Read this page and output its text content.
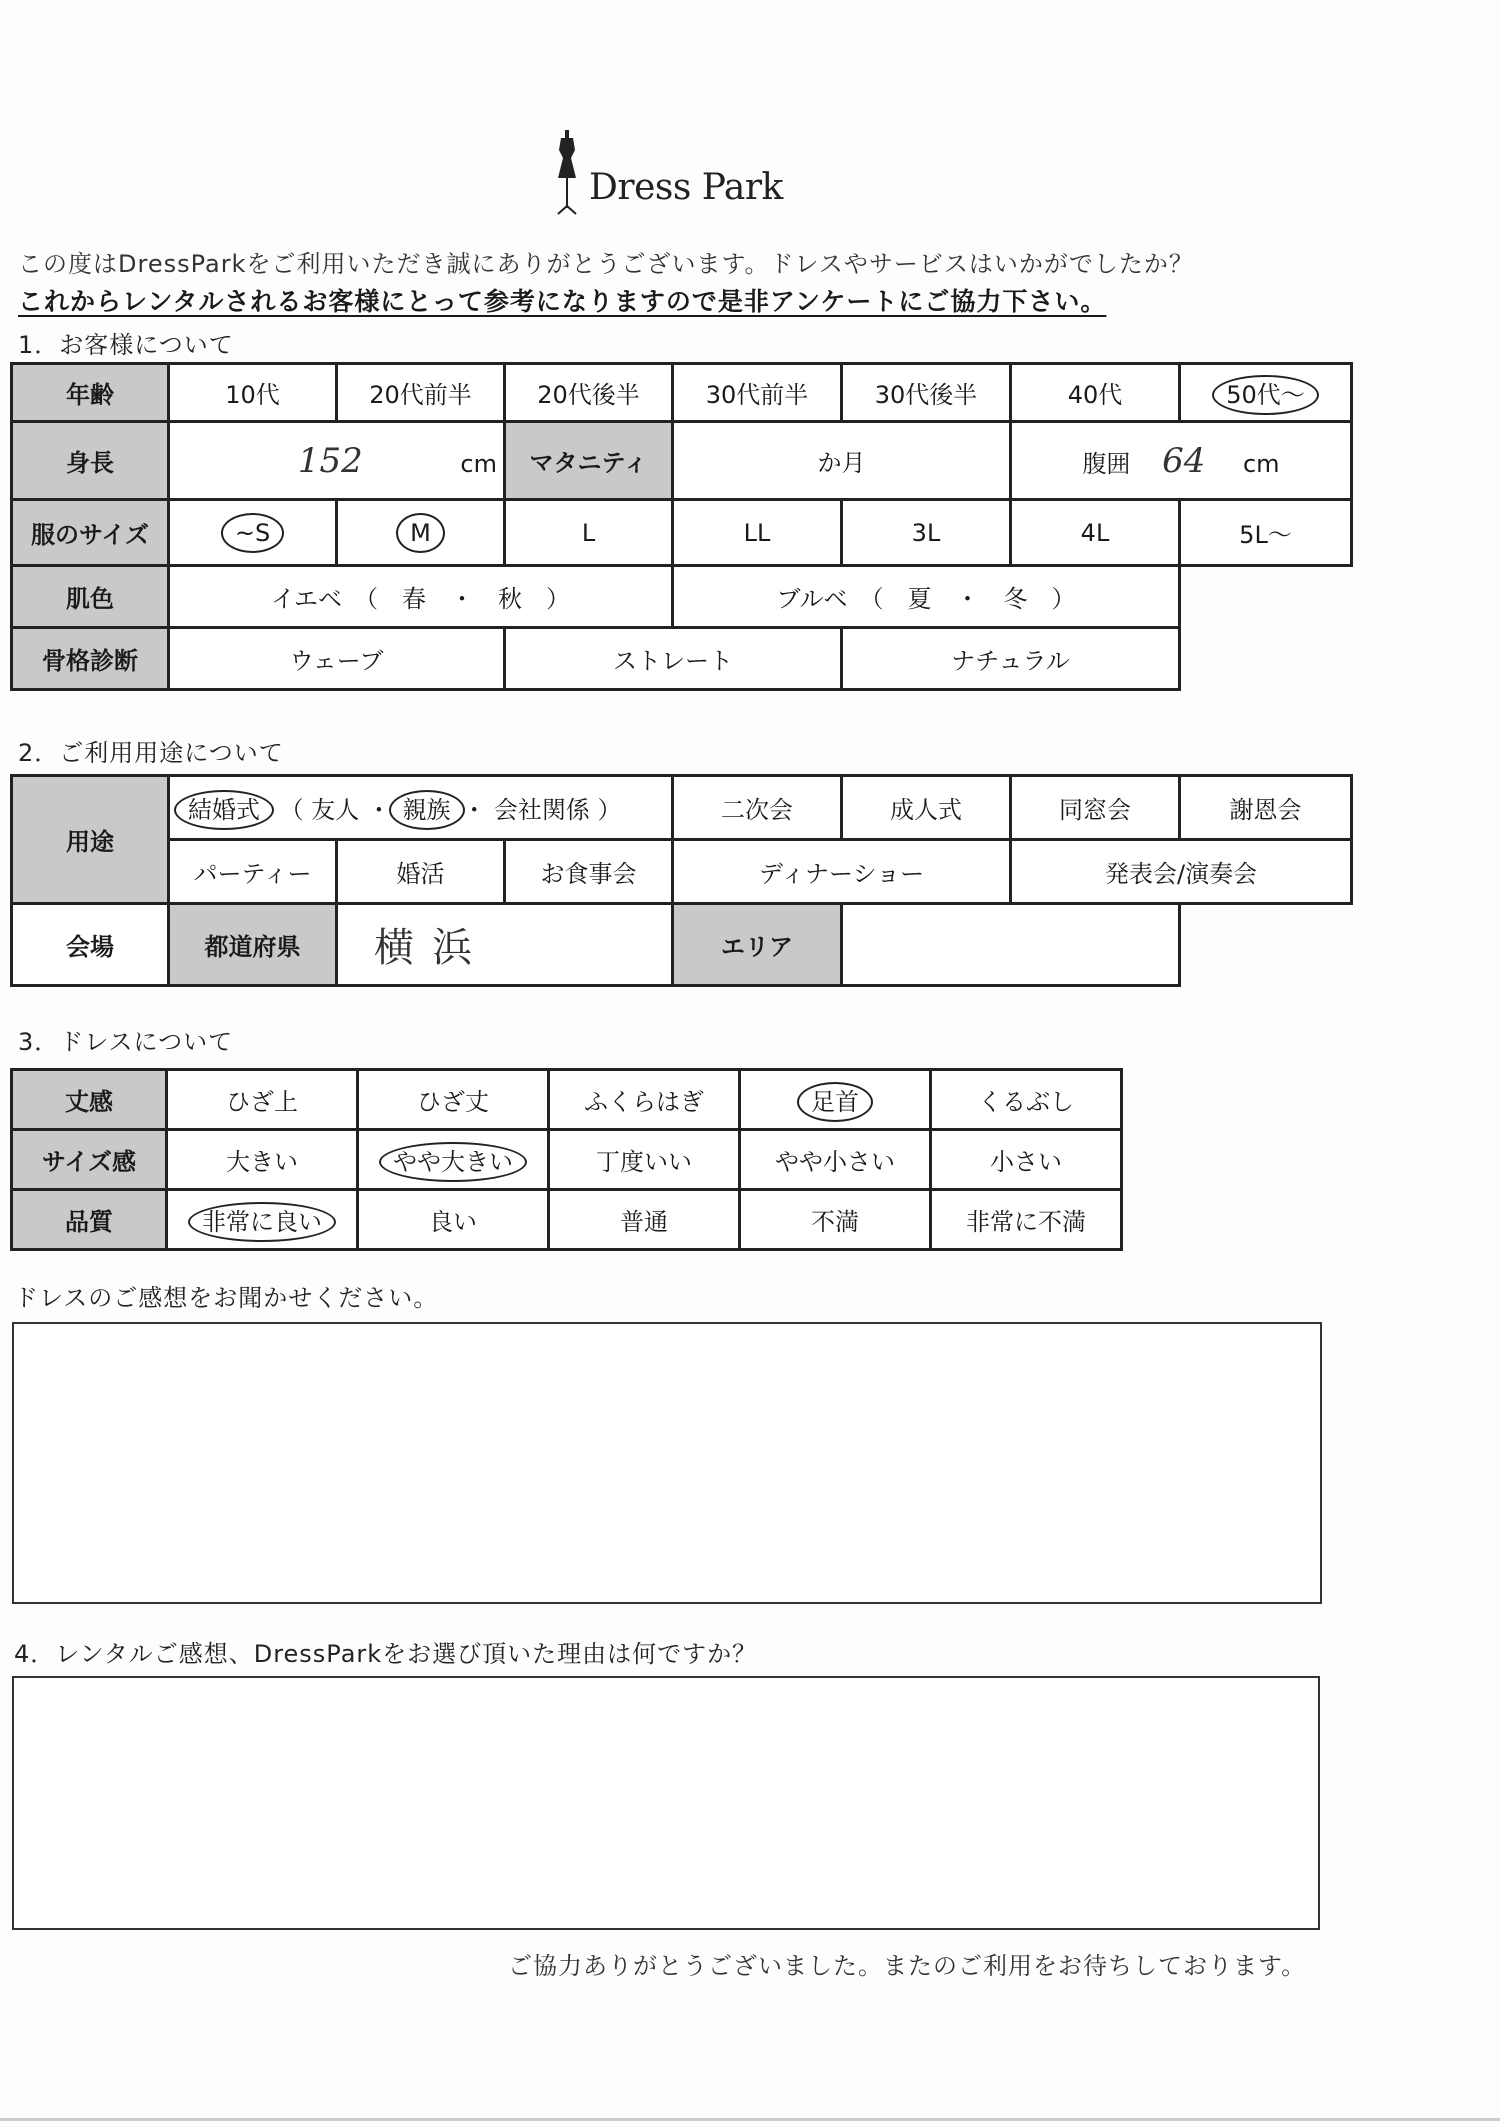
Dress Park
この度はDressParkをご利用いただき誠にありがとうございます。ドレスやサービスはいかがでしたか？
これからレンタルされるお客様にとって参考になりますので是非アンケートにご協力下さい。
1．お客様について
年齢	10代	20代前半	20代後半	30代前半	30代後半	40代	50代～
身長	152 cm		マタニティ	か月		腹囲 64 cm	
服のサイズ	~S	M	L	LL	3L	4L	5L～
肌色	イエベ　（　春　・　秋　）			ブルベ　（　夏　・　冬　）			
骨格診断	ウェーブ		ストレート		ナチュラル		
2．ご利用用途について
用途	結婚式 （ 友人 ・ 親族 ・ 会社関係 ）			二次会	成人式	同窓会	謝恩会
	パーティー	婚活	お食事会	ディナーショー		発表会/演奏会	
会場	都道府県	横浜		エリア			
3．ドレスについて
丈感	ひざ上	ひざ丈	ふくらはぎ	足首	くるぶし
サイズ感	大きい	やや大きい	丁度いい	やや小さい	小さい
品質	非常に良い	良い	普通	不満	非常に不満
ドレスのご感想をお聞かせください。
4．レンタルご感想、DressParkをお選び頂いた理由は何ですか？
ご協力ありがとうございました。またのご利用をお待ちしております。
